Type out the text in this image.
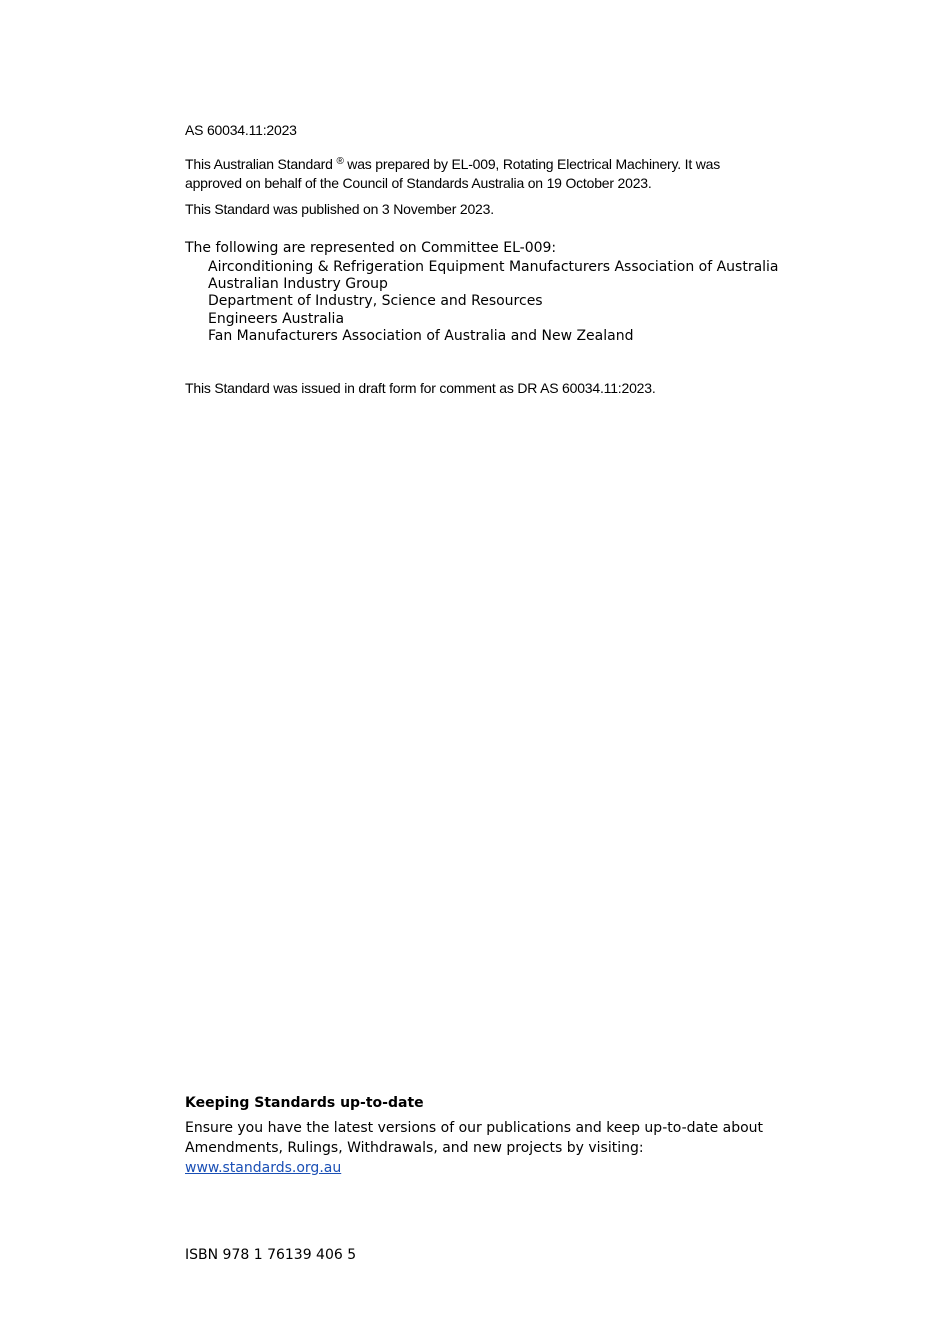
AS 60034.11:2023

This Australian Standard ® was prepared by EL-009, Rotating Electrical Machinery. It was
approved on behalf of the Council of Standards Australia on 19 October 2023.

This Standard was published on 3 November 2023.

The following are represented on Committee EL-009:

Airconditioning & Refrigeration Equipment Manufacturers Association of Australia
Australian Industry Group
Department of Industry, Science and Resources
Engineers Australia
Fan Manufacturers Association of Australia and New Zealand

This Standard was issued in draft form for comment as DR AS 60034.11:2023.

Keeping Standards up-to-date

Ensure you have the latest versions of our publications and keep up-to-date about
Amendments, Rulings, Withdrawals, and new projects by visiting:
www.standards.org.au

ISBN 978 1 76139 406 5
